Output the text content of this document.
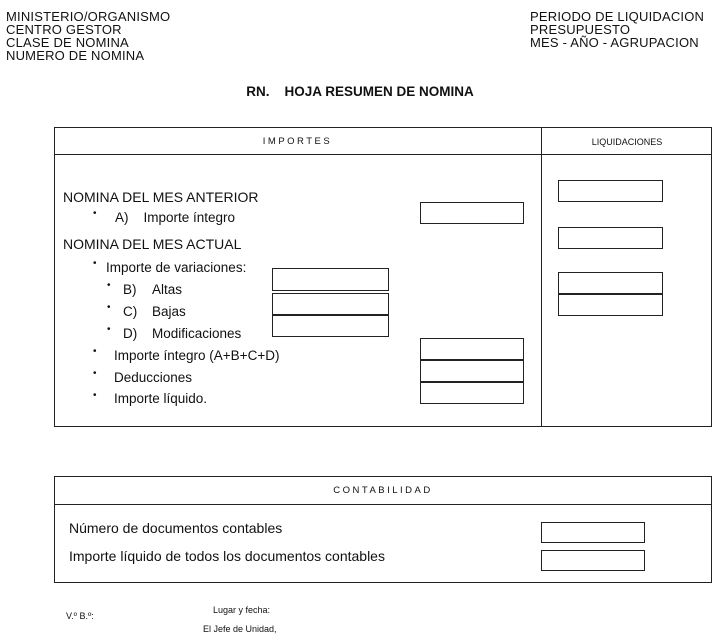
MINISTERIO/ORGANISMO
CENTRO GESTOR
CLASE DE NOMINA
NUMERO DE NOMINA
PERIODO DE LIQUIDACION
PRESUPUESTO
MES - AÑO - AGRUPACION
RN.    HOJA RESUMEN DE NOMINA
IMPORTES	LIQUIDACIONES
NOMINA DEL MES ANTERIOR
• A)    Importe íntegro
NOMINA DEL MES ACTUAL
• Importe de variaciones:
• B) Altas
• C) Bajas
• D) Modificaciones
• Importe íntegro (A+B+C+D)
• Deducciones
• Importe líquido.
CONTABILIDAD
Número de documentos contables
Importe líquido de todos los documentos contables
V.º B.º:
Lugar y fecha:
El Jefe de Unidad,
